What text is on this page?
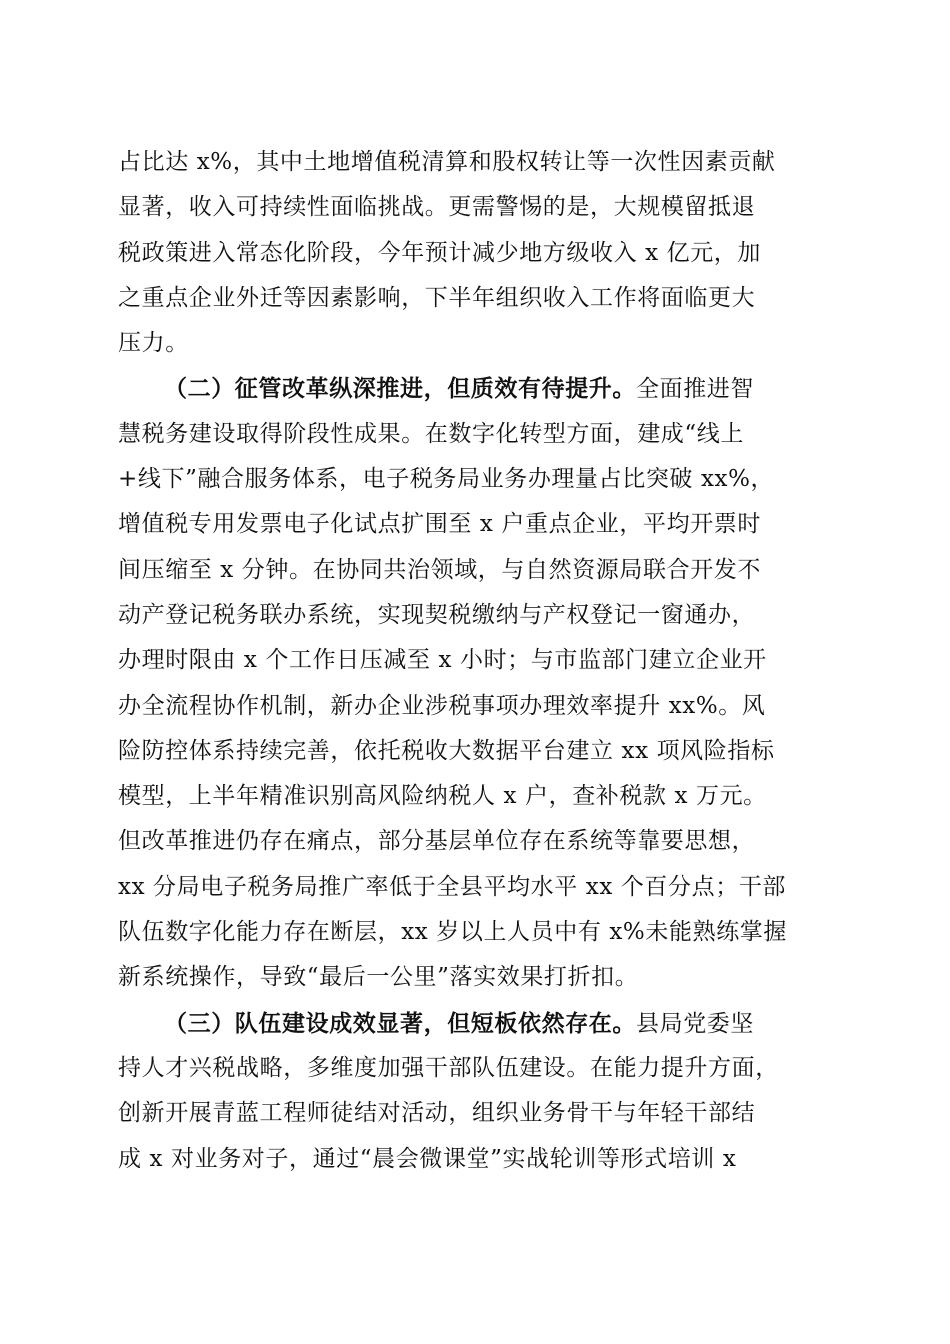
占比达 x%，其中土地增值税清算和股权转让等一次性因素贡献
显著，收入可持续性面临挑战。更需警惕的是，大规模留抵退
税政策进入常态化阶段，今年预计减少地方级收入 x 亿元，加
之重点企业外迁等因素影响，下半年组织收入工作将面临更大
压力。
（二）征管改革纵深推进，但质效有待提升。全面推进智
慧税务建设取得阶段性成果。在数字化转型方面，建成“线上
+线下”融合服务体系，电子税务局业务办理量占比突破 xx%，
增值税专用发票电子化试点扩围至 x 户重点企业，平均开票时
间压缩至 x 分钟。在协同共治领域，与自然资源局联合开发不
动产登记税务联办系统，实现契税缴纳与产权登记一窗通办，
办理时限由 x 个工作日压减至 x 小时；与市监部门建立企业开
办全流程协作机制，新办企业涉税事项办理效率提升 xx%。风
险防控体系持续完善，依托税收大数据平台建立 xx 项风险指标
模型，上半年精准识别高风险纳税人 x 户，查补税款 x 万元。
但改革推进仍存在痛点，部分基层单位存在系统等靠要思想，
xx 分局电子税务局推广率低于全县平均水平 xx 个百分点；干部
队伍数字化能力存在断层，xx 岁以上人员中有 x%未能熟练掌握
新系统操作，导致“最后一公里”落实效果打折扣。
（三）队伍建设成效显著，但短板依然存在。县局党委坚
持人才兴税战略，多维度加强干部队伍建设。在能力提升方面，
创新开展青蓝工程师徒结对活动，组织业务骨干与年轻干部结
成 x 对业务对子，通过“晨会微课堂”实战轮训等形式培训 x
